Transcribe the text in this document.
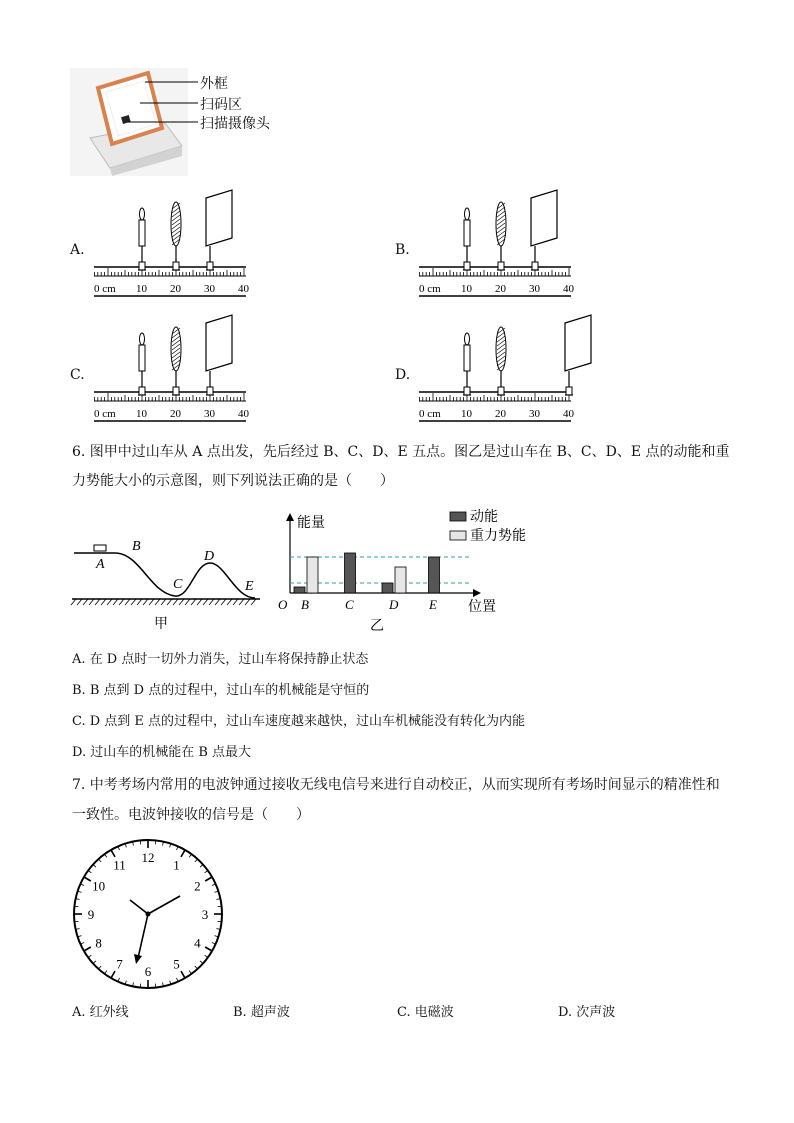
外框
扫码区
扫描摄像头
A.
0 cm 10 20 30 40
B.
0 cm 10 20 30 40
C.
0 cm 10 20 30 40
D.
0 cm 10 20 30 40
6. 图甲中过山车从 A 点出发，先后经过 B、C、D、E 五点。图乙是过山车在 B、C、D、E 点的动能和重
力势能大小的示意图，则下列说法正确的是（　　）
A
B
C
D
E
甲
能量
位置
O B	C	D E
动能
重力势能
乙
A. 在 D 点时一切外力消失，过山车将保持静止状态
B. B 点到 D 点的过程中，过山车的机械能是守恒的
C. D 点到 E 点的过程中，过山车速度越来越快，过山车机械能没有转化为内能
D. 过山车的机械能在 B 点最大
7. 中考考场内常用的电波钟通过接收无线电信号来进行自动校正，从而实现所有考场时间显示的精准性和
一致性。电波钟接收的信号是（　　）
12
1
2
3
4
5
6
7
8
9
10
11
A. 红外线	B. 超声波	C. 电磁波	D. 次声波
